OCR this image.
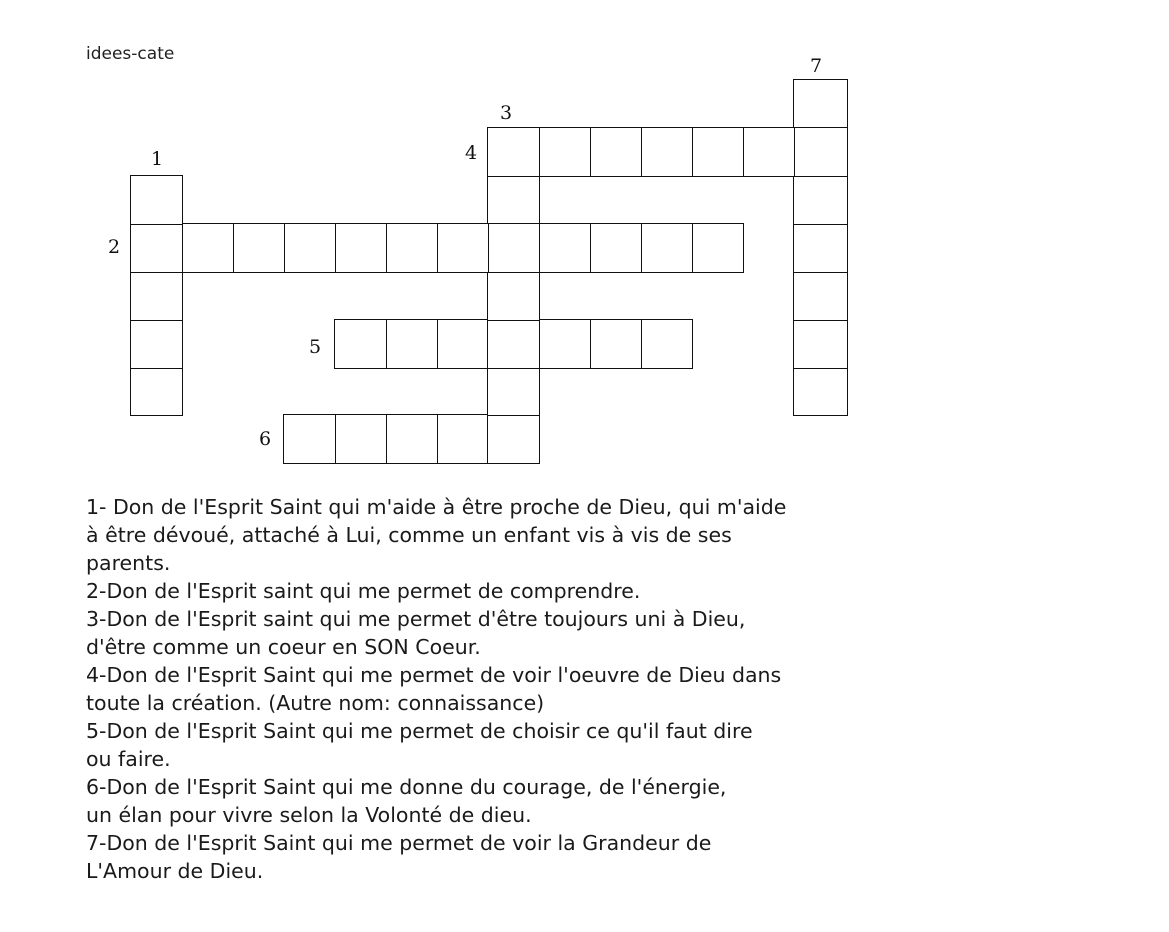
idees-cate
1
2
3
4
5
6
7
1- Don de l'Esprit Saint qui m'aide à être proche de Dieu, qui m'aide
à être dévoué, attaché à Lui, comme un enfant vis à vis de ses
parents.
2-Don de l'Esprit saint qui me permet de comprendre.
3-Don de l'Esprit saint qui me permet d'être toujours uni à Dieu,
d'être comme un coeur en SON Coeur.
4-Don de l'Esprit Saint qui me permet de voir l'oeuvre de Dieu dans
toute la création. (Autre nom: connaissance)
5-Don de l'Esprit Saint qui me permet de choisir ce qu'il faut dire
ou faire.
6-Don de l'Esprit Saint qui me donne du courage, de l'énergie,
un élan pour vivre selon la Volonté de dieu.
7-Don de l'Esprit Saint qui me permet de voir la Grandeur de
L'Amour de Dieu.
